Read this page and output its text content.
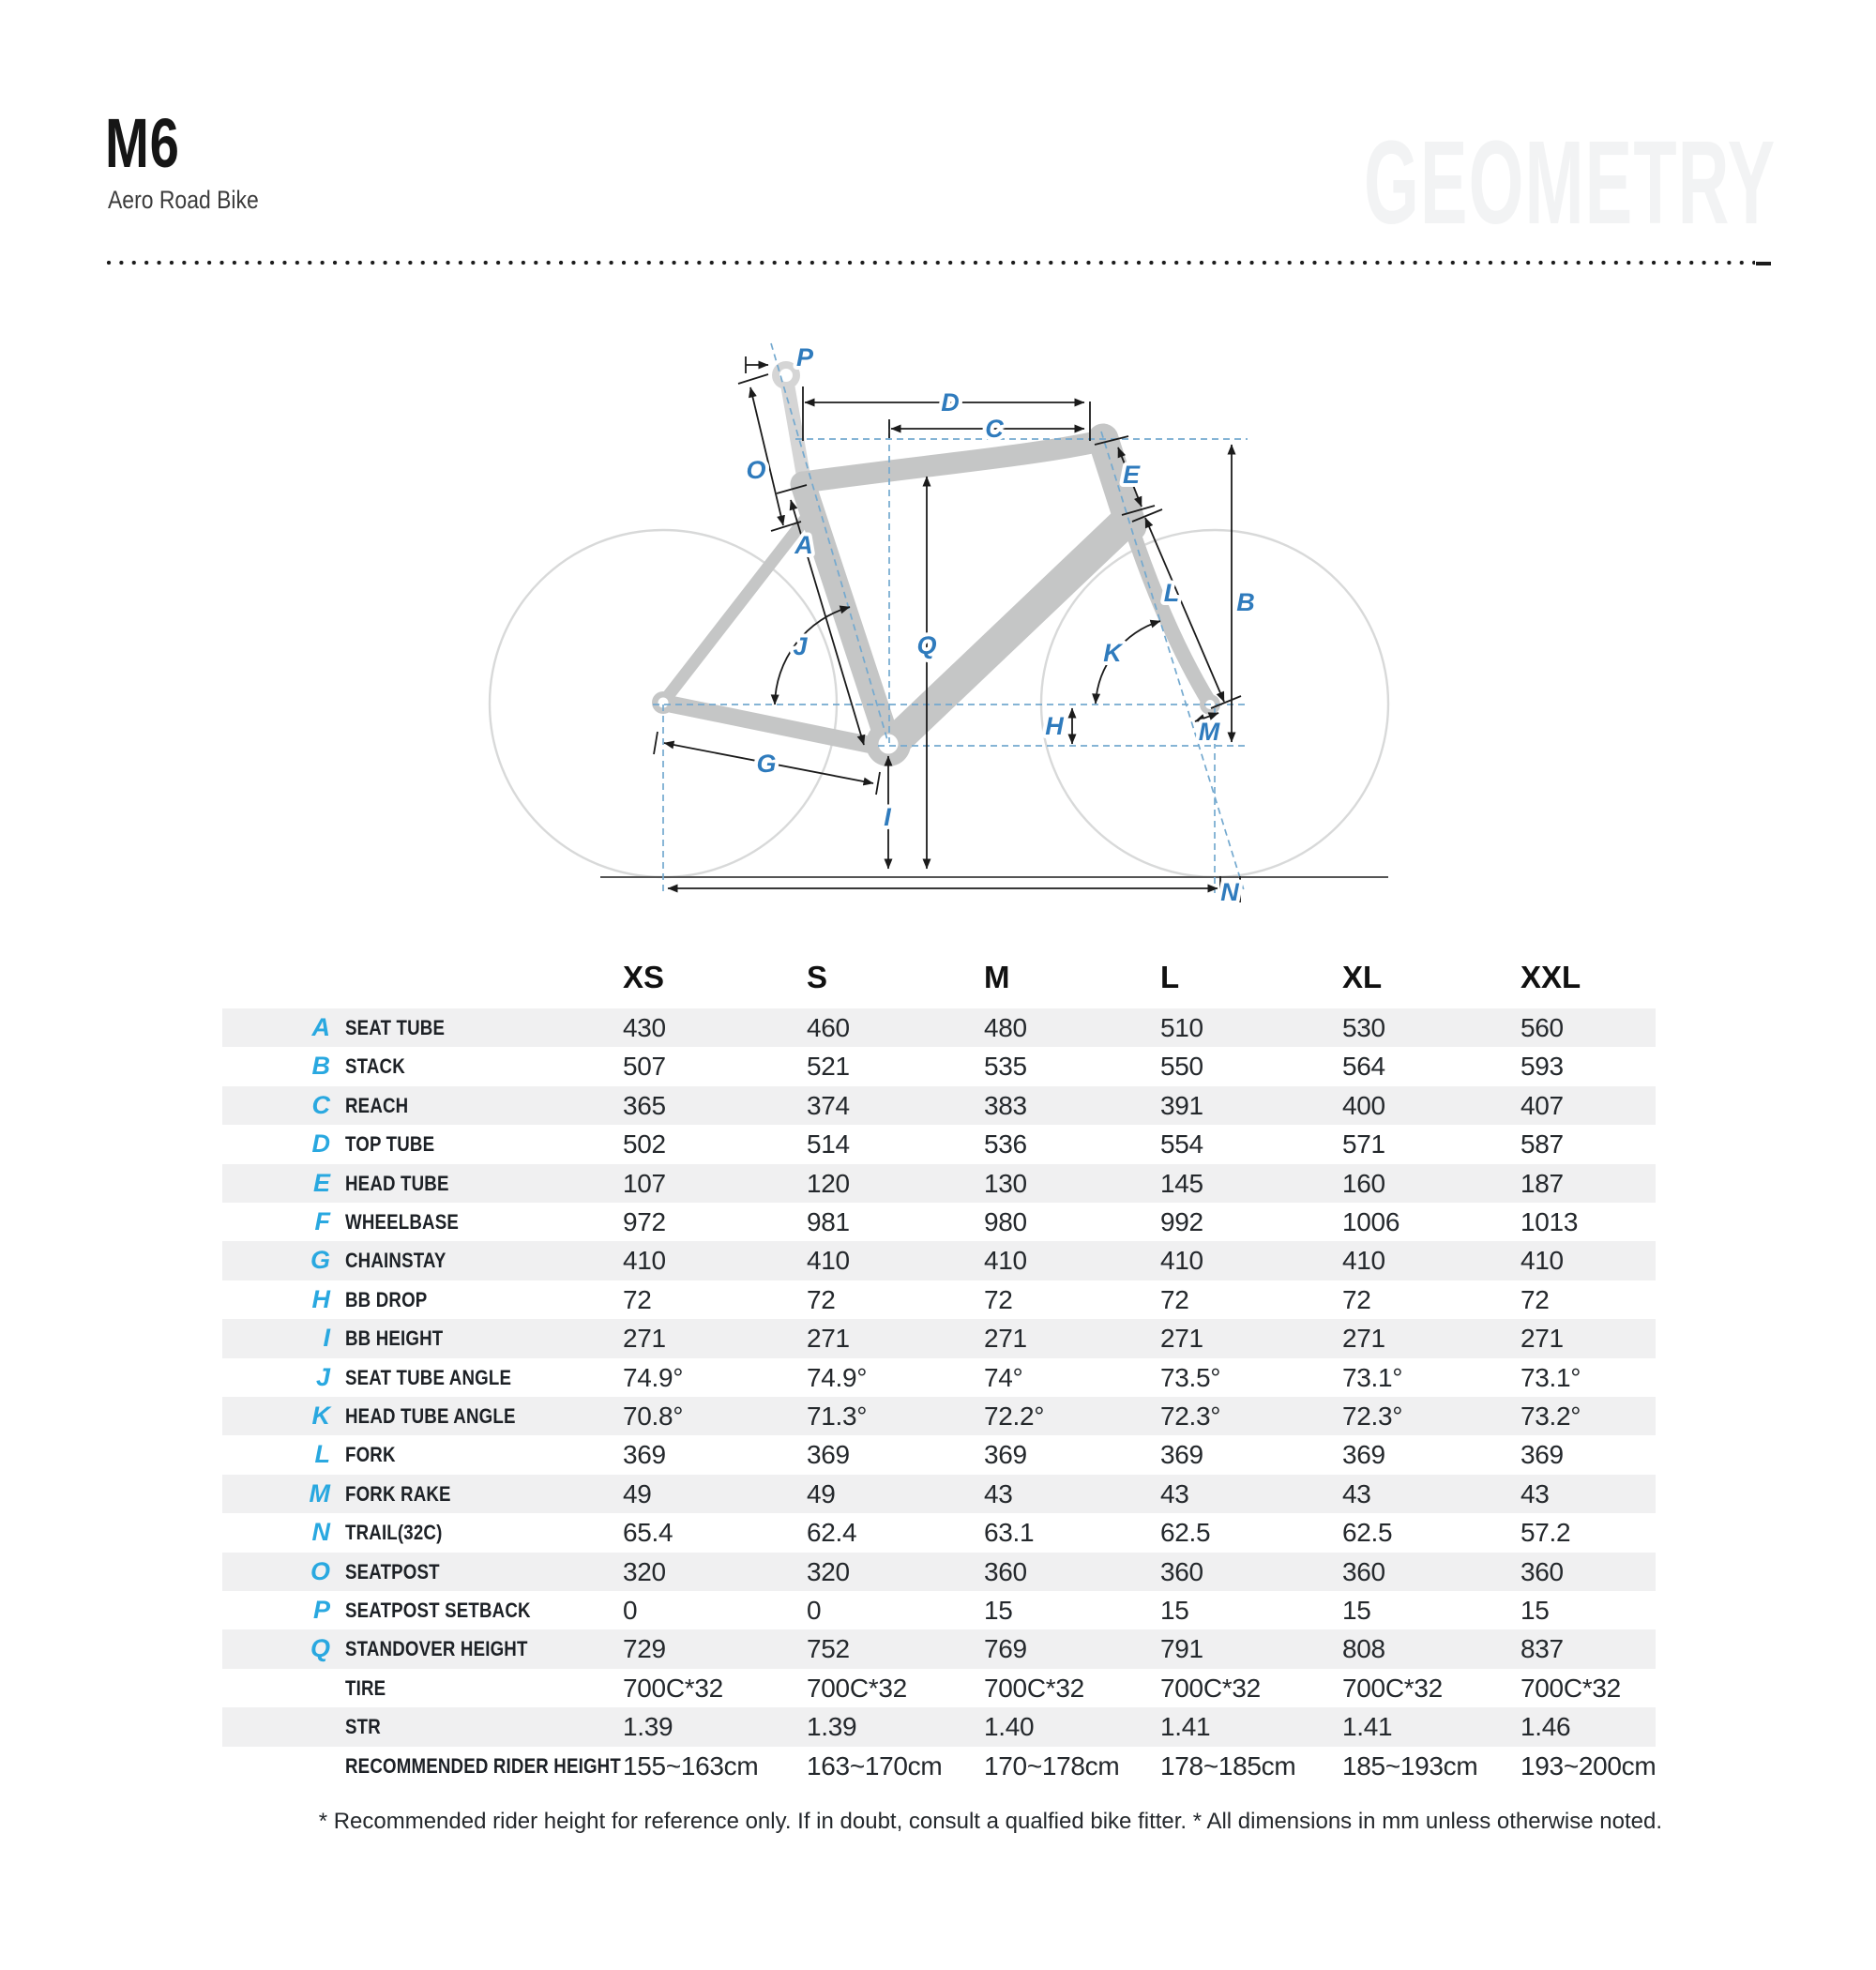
M6
Aero Road Bike	GEOMETRY
P
D
C
O	E
A
J	Q	K
L B
H	M
G
I
N
XS	S	M	L	XL	XXL
A SEAT TUBE	430	460	480	510	530	560
B STACK	507	521	535	550	564	593
C REACH	365	374	383	391	400	407
D TOP TUBE	502	514	536	554	571	587
E HEAD TUBE	107	120	130	145	160	187
F WHEELBASE	972	981	980	992	1006	1013
G CHAINSTAY	410	410	410	410	410	410
H BB DROP	72	72	72	72	72	72
I BB HEIGHT	271	271	271	271	271	271
J SEAT TUBE ANGLE	74.9°	74.9°	74°	73.5°	73.1°	73.1°
K HEAD TUBE ANGLE	70.8°	71.3°	72.2°	72.3°	72.3°	73.2°
L FORK	369	369	369	369	369	369
M FORK RAKE	49	49	43	43	43	43
N TRAIL(32C)	65.4	62.4	63.1	62.5	62.5	57.2
O SEATPOST	320	320	360	360	360	360
P SEATPOST SETBACK	0	0	15	15	15	15
Q STANDOVER HEIGHT	729	752	769	791	808	837
TIRE	700C*32	700C*32	700C*32	700C*32	700C*32	700C*32
STR	1.39	1.39	1.40	1.41	1.41	1.46
RECOMMENDED RIDER HEIGHT 155~163cm 163~170cm 170~178cm 178~185cm 185~193cm 193~200cm
* Recommended rider height for reference only. If in doubt, consult a qualfied bike fitter. * All dimensions in mm unless otherwise noted.
